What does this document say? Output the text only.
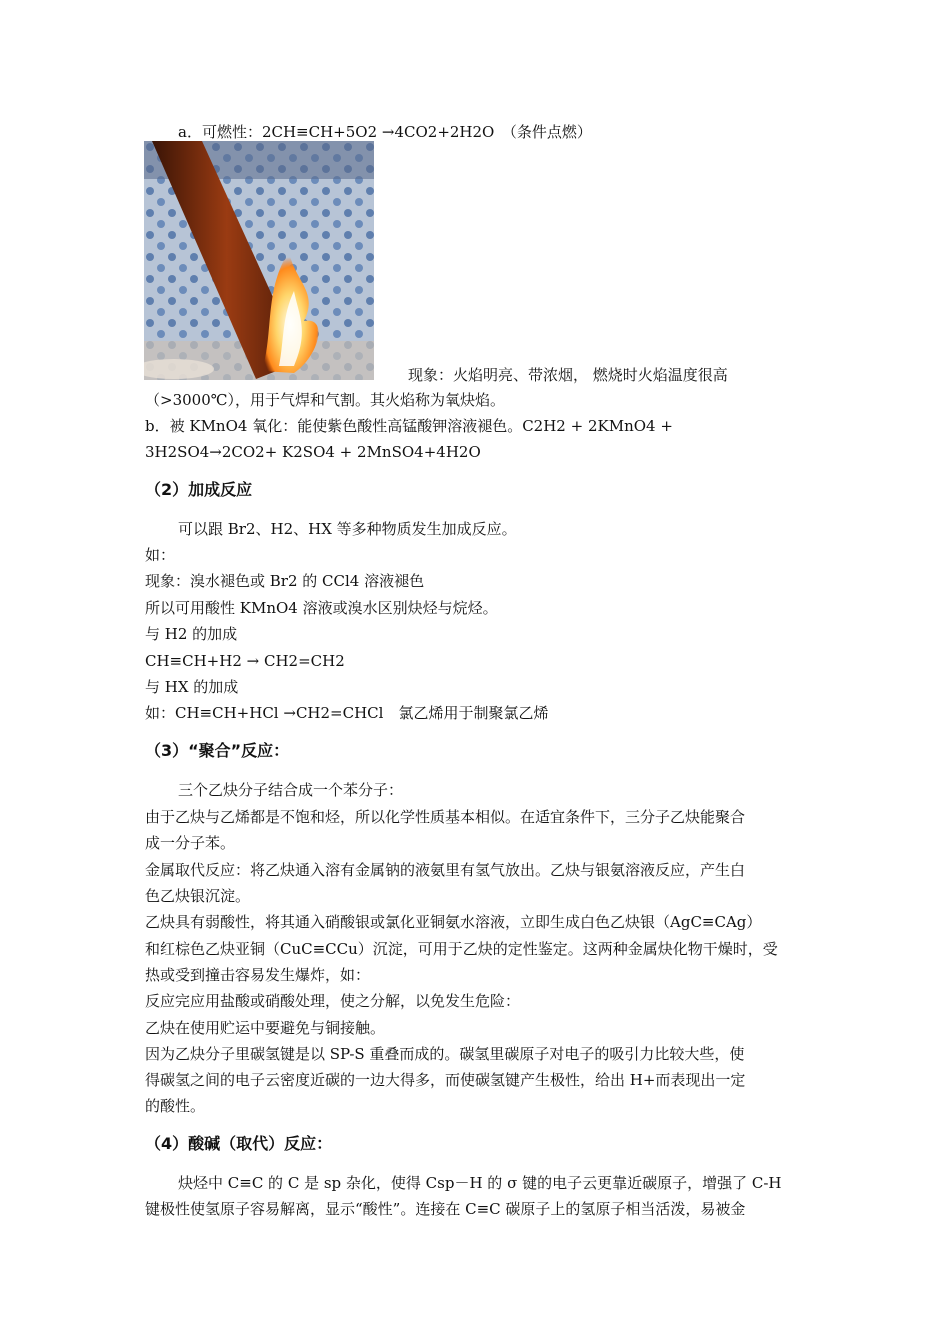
a．可燃性：2CH≡CH+5O2 →4CO2+2H2O　（条件点燃）
现象：火焰明亮、带浓烟， 燃烧时火焰温度很高
（>3000℃），用于气焊和气割。其火焰称为氧炔焰。
b．被 KMnO4 氧化：能使紫色酸性高锰酸钾溶液褪色。C2H2 + 2KMnO4 +
3H2SO4→2CO2+ K2SO4 + 2MnSO4+4H2O
（2）加成反应
可以跟 Br2、H2、HX 等多种物质发生加成反应。
如：
现象：溴水褪色或 Br2 的 CCl4 溶液褪色
所以可用酸性 KMnO4 溶液或溴水区别炔烃与烷烃。
与 H2 的加成
CH≡CH+H2 → CH2=CH2
与 HX 的加成
如：CH≡CH+HCl →CH2=CHCl　氯乙烯用于制聚氯乙烯
（3）“聚合”反应：
三个乙炔分子结合成一个苯分子：
由于乙炔与乙烯都是不饱和烃，所以化学性质基本相似。在适宜条件下，三分子乙炔能聚合
成一分子苯。
金属取代反应：将乙炔通入溶有金属钠的液氨里有氢气放出。乙炔与银氨溶液反应，产生白
色乙炔银沉淀。
乙炔具有弱酸性，将其通入硝酸银或氯化亚铜氨水溶液，立即生成白色乙炔银（AgC≡CAg）
和红棕色乙炔亚铜（CuC≡CCu）沉淀，可用于乙炔的定性鉴定。这两种金属炔化物干燥时，受
热或受到撞击容易发生爆炸，如：
反应完应用盐酸或硝酸处理，使之分解，以免发生危险：
乙炔在使用贮运中要避免与铜接触。
因为乙炔分子里碳氢键是以 SP-S 重叠而成的。碳氢里碳原子对电子的吸引力比较大些，使
得碳氢之间的电子云密度近碳的一边大得多，而使碳氢键产生极性，给出 H+而表现出一定
的酸性。
（4）酸碱（取代）反应：
炔烃中 C≡C 的 C 是 sp 杂化，使得 Csp－H 的 σ 键的电子云更靠近碳原子，增强了 C-H
键极性使氢原子容易解离，显示“酸性”。连接在 C≡C 碳原子上的氢原子相当活泼，易被金
